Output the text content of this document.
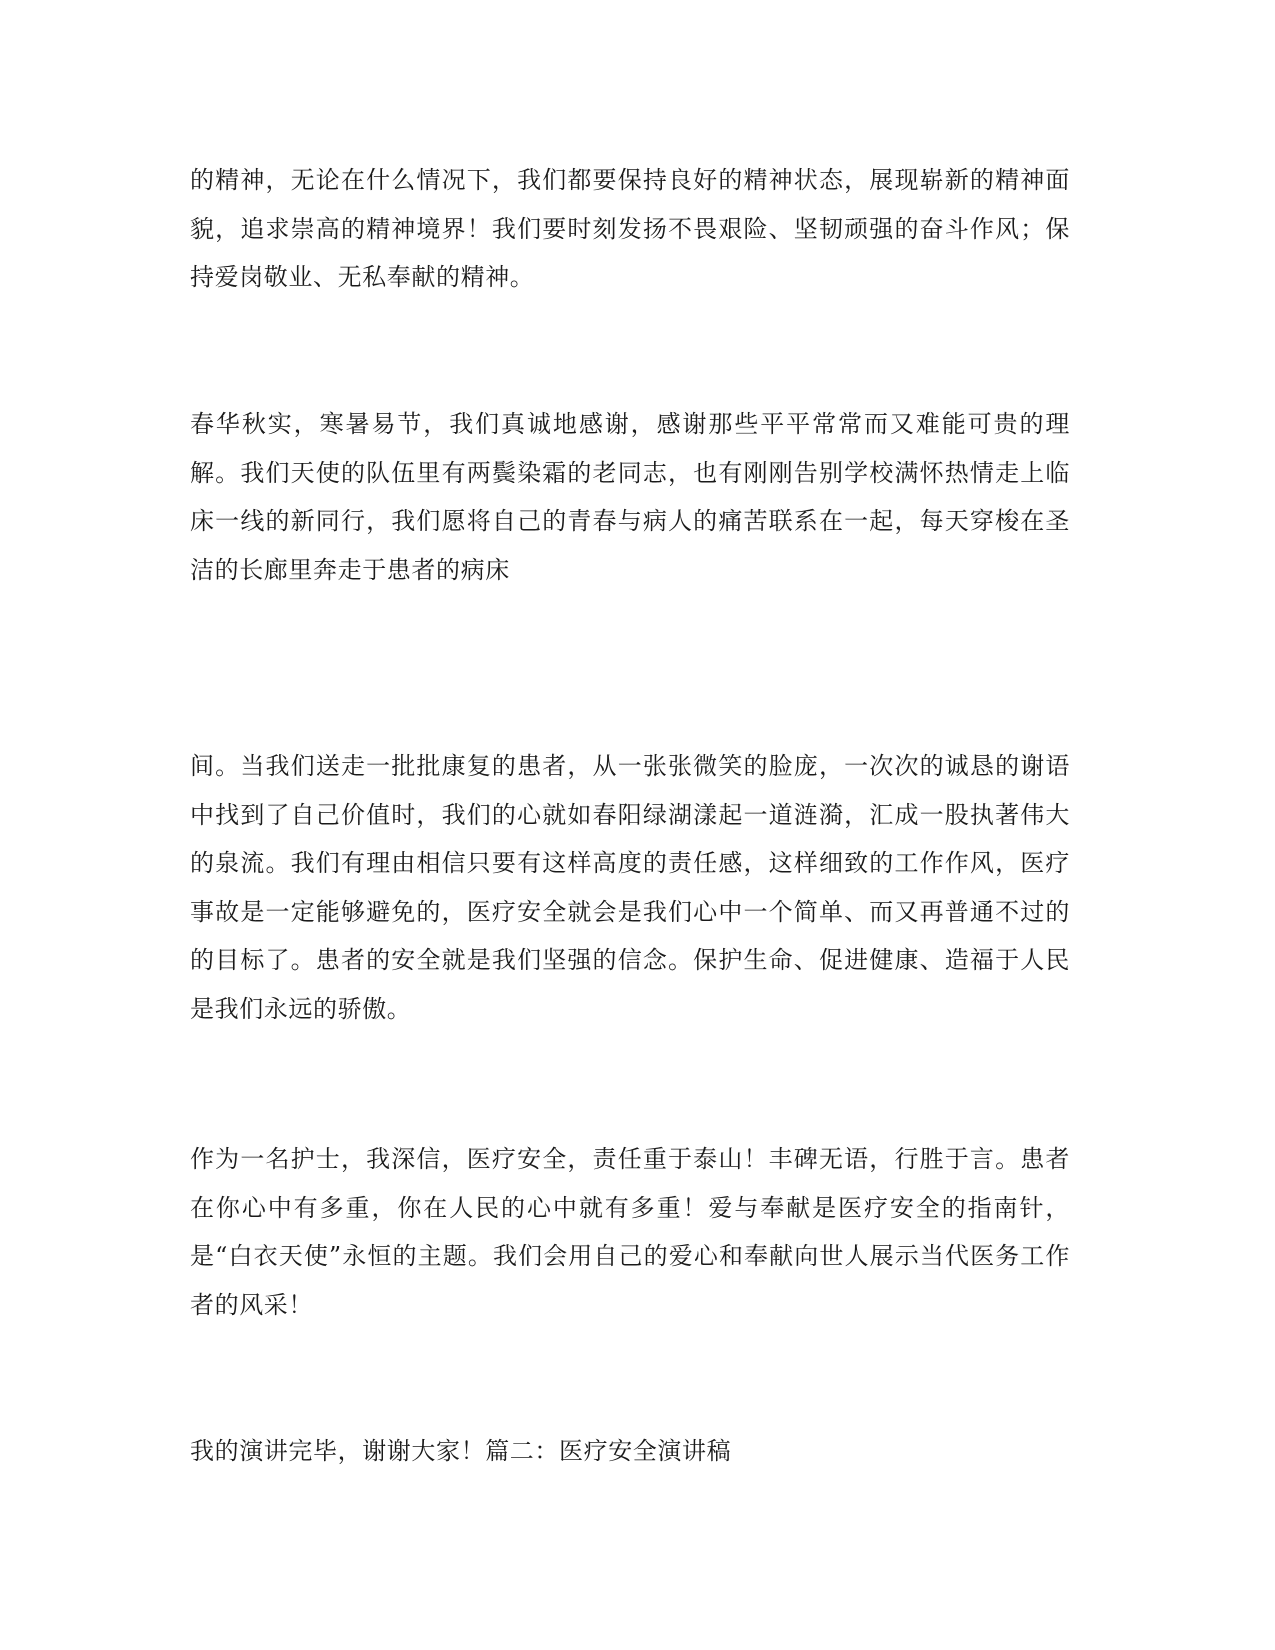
的精神，无论在什么情况下，我们都要保持良好的精神状态，展现崭新的精神面貌，追求崇高的精神境界！我们要时刻发扬不畏艰险、坚韧顽强的奋斗作风；保持爱岗敬业、无私奉献的精神。

春华秋实，寒暑易节，我们真诚地感谢，感谢那些平平常常而又难能可贵的理解。我们天使的队伍里有两鬓染霜的老同志，也有刚刚告别学校满怀热情走上临床一线的新同行，我们愿将自己的青春与病人的痛苦联系在一起，每天穿梭在圣洁的长廊里奔走于患者的病床

间。当我们送走一批批康复的患者，从一张张微笑的脸庞，一次次的诚恳的谢语中找到了自己价值时，我们的心就如春阳绿湖漾起一道涟漪，汇成一股执著伟大的泉流。我们有理由相信只要有这样高度的责任感，这样细致的工作作风，医疗事故是一定能够避免的，医疗安全就会是我们心中一个简单、而又再普通不过的的目标了。患者的安全就是我们坚强的信念。保护生命、促进健康、造福于人民是我们永远的骄傲。

作为一名护士，我深信，医疗安全，责任重于泰山！丰碑无语，行胜于言。患者在你心中有多重，你在人民的心中就有多重！爱与奉献是医疗安全的指南针，是“白衣天使”永恒的主题。我们会用自己的爱心和奉献向世人展示当代医务工作者的风采！

我的演讲完毕，谢谢大家！篇二：医疗安全演讲稿
